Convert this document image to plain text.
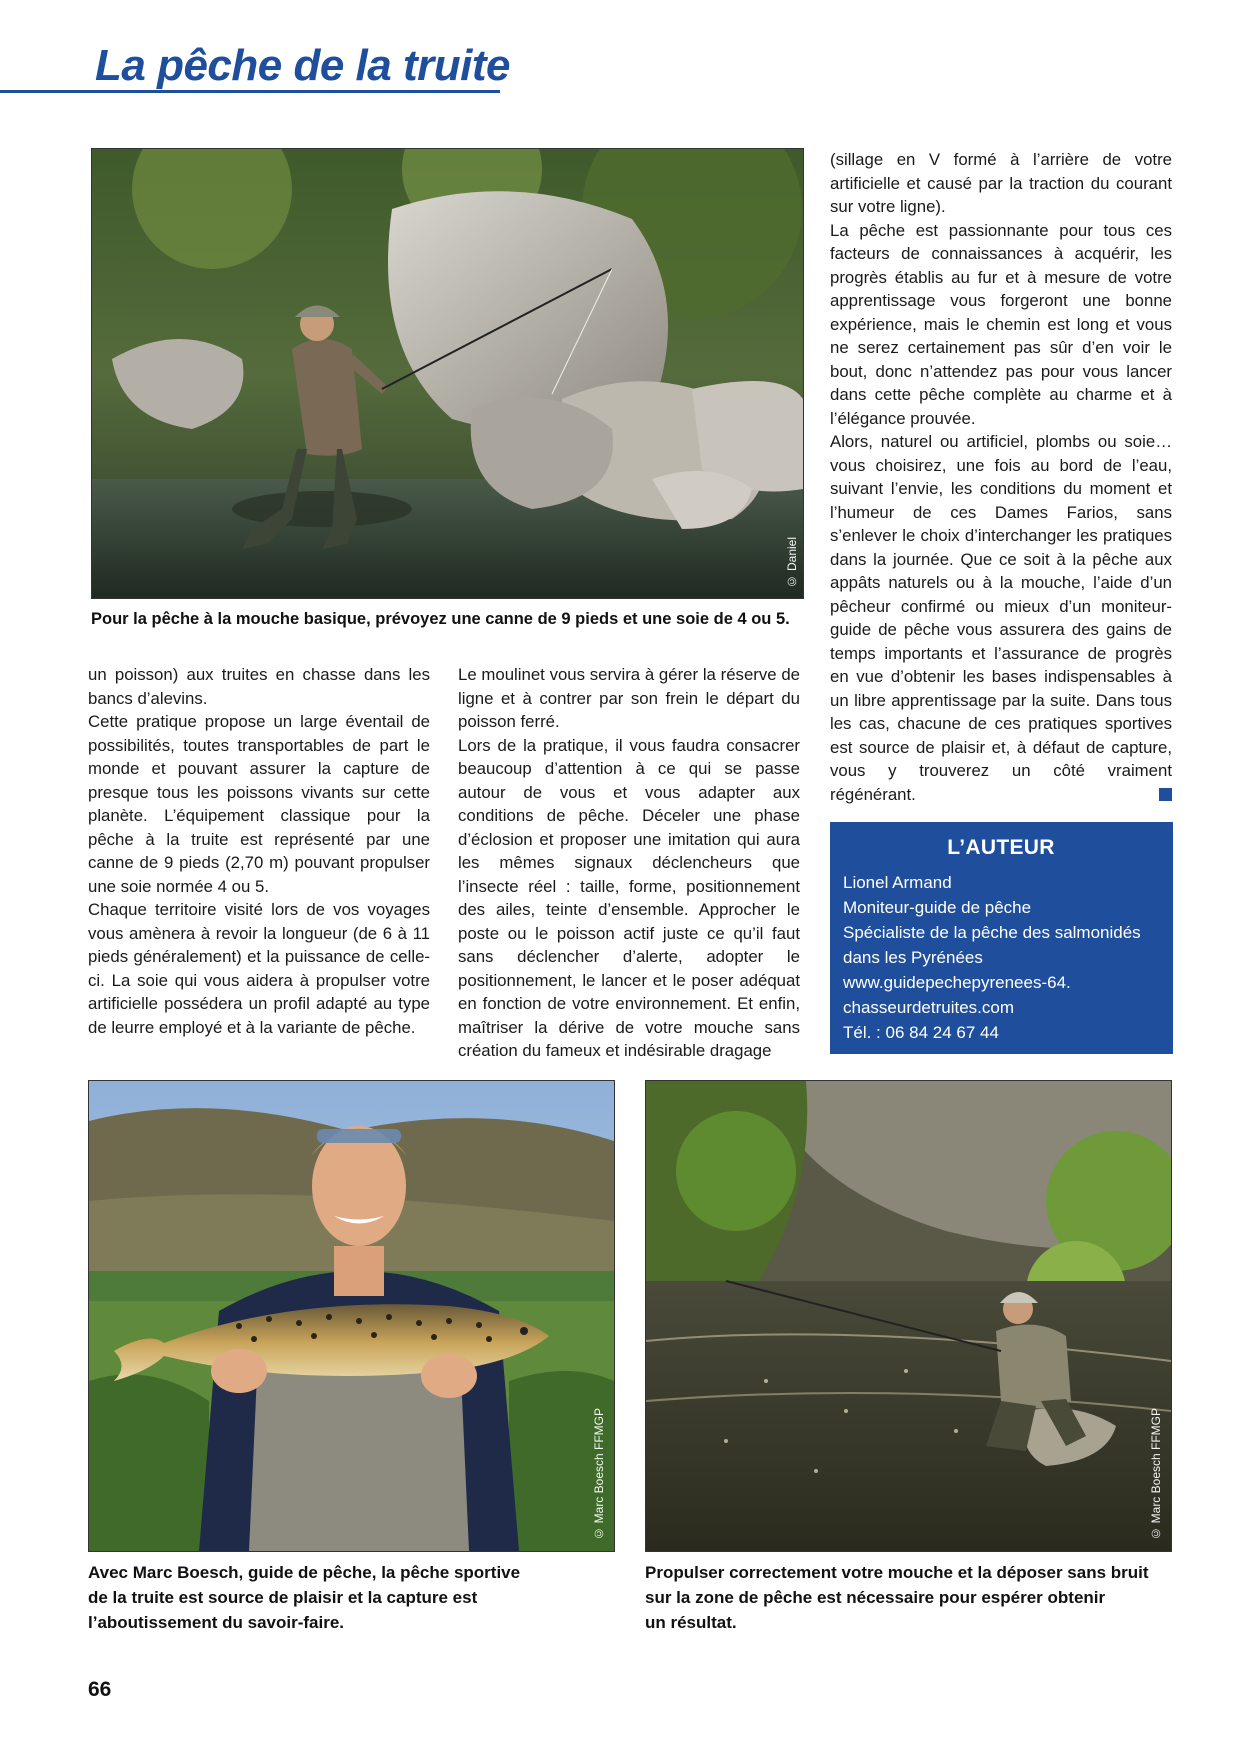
La pêche de la truite
© Daniel

Pour la pêche à la mouche basique, prévoyez une canne de 9 pieds et une soie de 4 ou 5.

un poisson) aux truites en chasse dans les bancs d’alevins.

Cette pratique propose un large éventail de possibilités, toutes transportables de part le monde et pouvant assurer la capture de presque tous les poissons vivants sur cette planète. L’équipement classique pour la pêche à la truite est représenté par une canne de 9 pieds (2,70 m) pouvant propulser une soie normée 4 ou 5.

Chaque territoire visité lors de vos voyages vous amènera à revoir la longueur (de 6 à 11 pieds généralement) et la puissance de celle-ci. La soie qui vous aidera à propulser votre artificielle possédera un profil adapté au type de leurre employé et à la variante de pêche.

Le moulinet vous servira à gérer la réserve de ligne et à contrer par son frein le départ du poisson ferré.

Lors de la pratique, il vous faudra consacrer beaucoup d’attention à ce qui se passe autour de vous et vous adapter aux conditions de pêche. Déceler une phase d’éclosion et proposer une imitation qui aura les mêmes signaux déclencheurs que l’insecte réel : taille, forme, positionnement des ailes, teinte d’ensemble. Approcher le poste ou le poisson actif juste ce qu’il faut sans déclencher d’alerte, adopter le positionnement, le lancer et le poser adéquat en fonction de votre environnement. Et enfin, maîtriser la dérive de votre mouche sans création du fameux et indésirable dragage

(sillage en V formé à l’arrière de votre artificielle et causé par la traction du courant sur votre ligne).

La pêche est passionnante pour tous ces facteurs de connaissances à acquérir, les progrès établis au fur et à mesure de votre apprentissage vous forgeront une bonne expérience, mais le chemin est long et vous ne serez certainement pas sûr d’en voir le bout, donc n’attendez pas pour vous lancer dans cette pêche complète au charme et à l’élégance prouvée.

Alors, naturel ou artificiel, plombs ou soie… vous choisirez, une fois au bord de l’eau, suivant l’envie, les conditions du moment et l’humeur de ces Dames Farios, sans s’enlever le choix d’interchanger les pratiques dans la journée. Que ce soit à la pêche aux appâts naturels ou à la mouche, l’aide d’un pêcheur confirmé ou mieux d’un moniteur-guide de pêche vous assurera des gains de temps importants et l’assurance de progrès en vue d’obtenir les bases indispensables à un libre apprentissage par la suite. Dans tous les cas, chacune de ces pratiques sportives est source de plaisir et, à défaut de capture, vous y trouverez un côté vraiment régénérant.

L’AUTEUR

Lionel Armand

Moniteur-guide de pêche

Spécialiste de la pêche des salmonidés

dans les Pyrénées

www.guidepechepyrenees-64.

chasseurdetruites.com

Tél. : 06 84 24 67 44

© Marc Boesch FFMGP

Avec Marc Boesch, guide de pêche, la pêche sportive
de la truite est source de plaisir et la capture est
l’aboutissement du savoir-faire.

© Marc Boesch FFMGP

Propulser correctement votre mouche et la déposer sans bruit
sur la zone de pêche est nécessaire pour espérer obtenir
un résultat.

66
